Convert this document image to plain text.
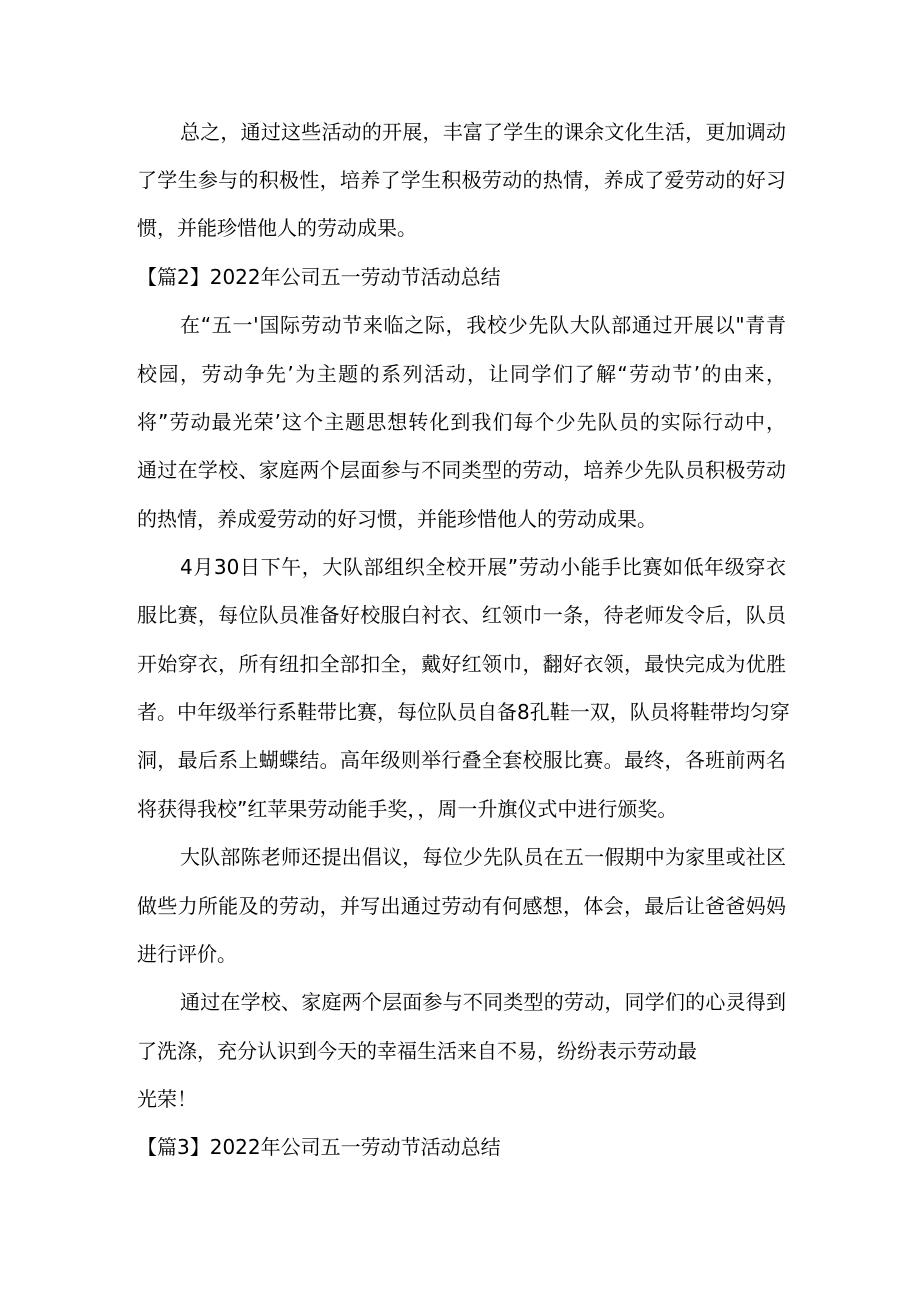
总之，通过这些活动的开展，丰富了学生的课余文化生活，更加调动
了学生参与的积极性，培养了学生积极劳动的热情，养成了爱劳动的好习
惯，并能珍惜他人的劳动成果。
【篇2】2022年公司五一劳动节活动总结
在“五一'国际劳动节来临之际，我校少先队大队部通过开展以"青青
校园，劳动争先’为主题的系列活动，让同学们了解“劳动节’的由来，
将”劳动最光荣’这个主题思想转化到我们每个少先队员的实际行动中，
通过在学校、家庭两个层面参与不同类型的劳动，培养少先队员积极劳动
的热情，养成爱劳动的好习惯，并能珍惜他人的劳动成果。
4月30日下午，大队部组织全校开展”劳动小能手比赛如低年级穿衣
服比赛，每位队员准备好校服白衬衣、红领巾一条，待老师发令后，队员
开始穿衣，所有纽扣全部扣全，戴好红领巾，翻好衣领，最快完成为优胜
者。中年级举行系鞋带比赛，每位队员自备8孔鞋一双，队员将鞋带均匀穿
洞，最后系上蝴蝶结。高年级则举行叠全套校服比赛。最终，各班前两名
将获得我校”红苹果劳动能手奖，，周一升旗仪式中进行颁奖。
大队部陈老师还提出倡议，每位少先队员在五一假期中为家里或社区
做些力所能及的劳动，并写出通过劳动有何感想，体会，最后让爸爸妈妈
进行评价。
通过在学校、家庭两个层面参与不同类型的劳动，同学们的心灵得到
了洗涤，充分认识到今天的幸福生活来自不易，纷纷表示劳动最
光荣！
【篇3】2022年公司五一劳动节活动总结
